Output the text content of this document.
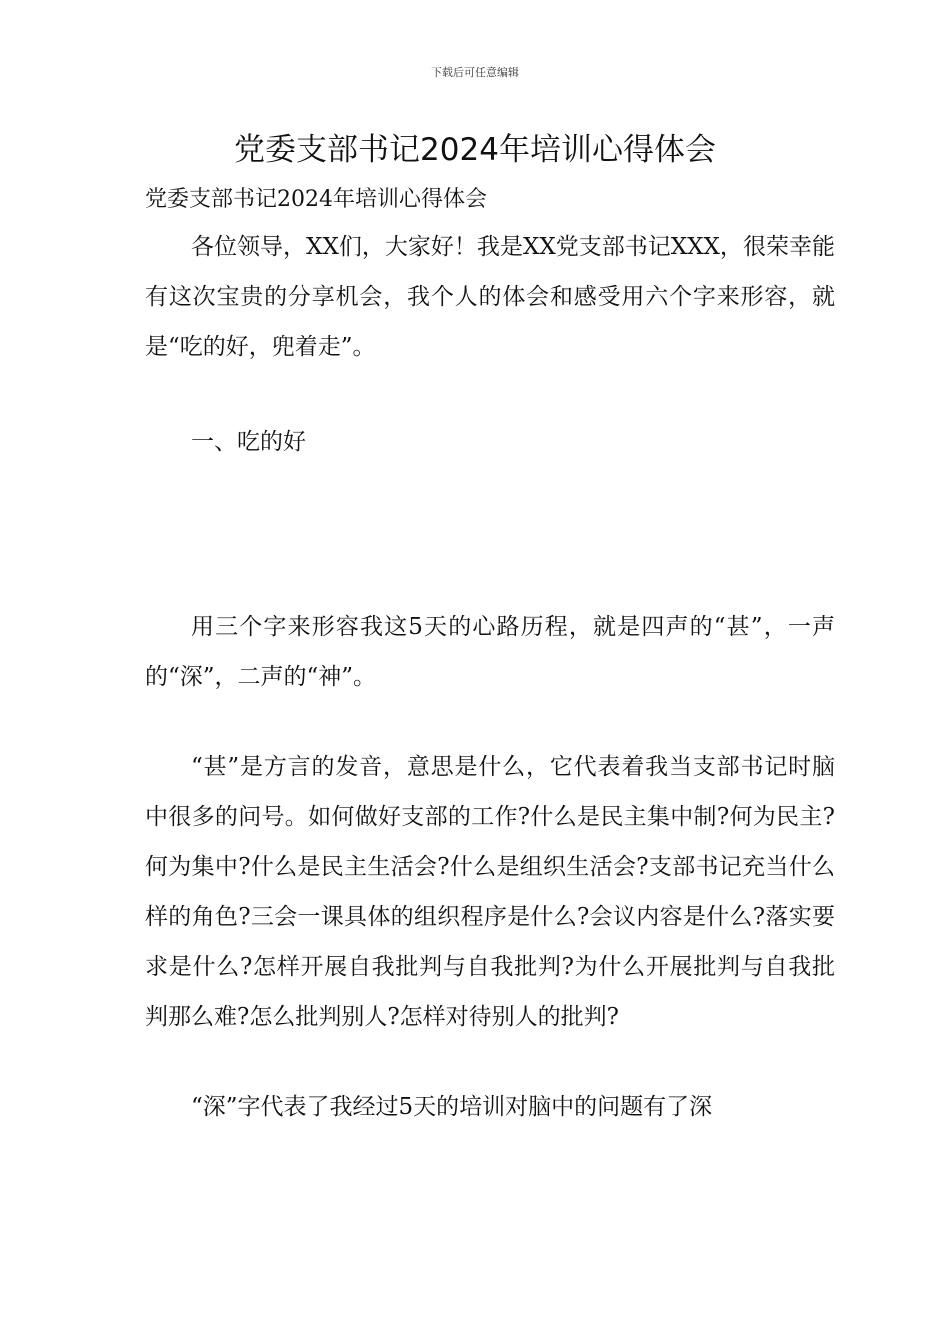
下载后可任意编辑
党委支部书记2024年培训心得体会

党委支部书记2024年培训心得体会

各位领导，XX们，大家好！我是XX党支部书记XXX，很荣幸能有这次宝贵的分享机会，我个人的体会和感受用六个字来形容，就是“吃的好，兜着走”。

一、吃的好

用三个字来形容我这5天的心路历程，就是四声的“甚”，一声的“深”，二声的“神”。

“甚”是方言的发音，意思是什么，它代表着我当支部书记时脑中很多的问号。如何做好支部的工作?什么是民主集中制?何为民主?何为集中?什么是民主生活会?什么是组织生活会?支部书记充当什么样的角色?三会一课具体的组织程序是什么?会议内容是什么?落实要求是什么?怎样开展自我批判与自我批判?为什么开展批判与自我批判那么难?怎么批判别人?怎样对待别人的批判?

“深”字代表了我经过5天的培训对脑中的问题有了深
